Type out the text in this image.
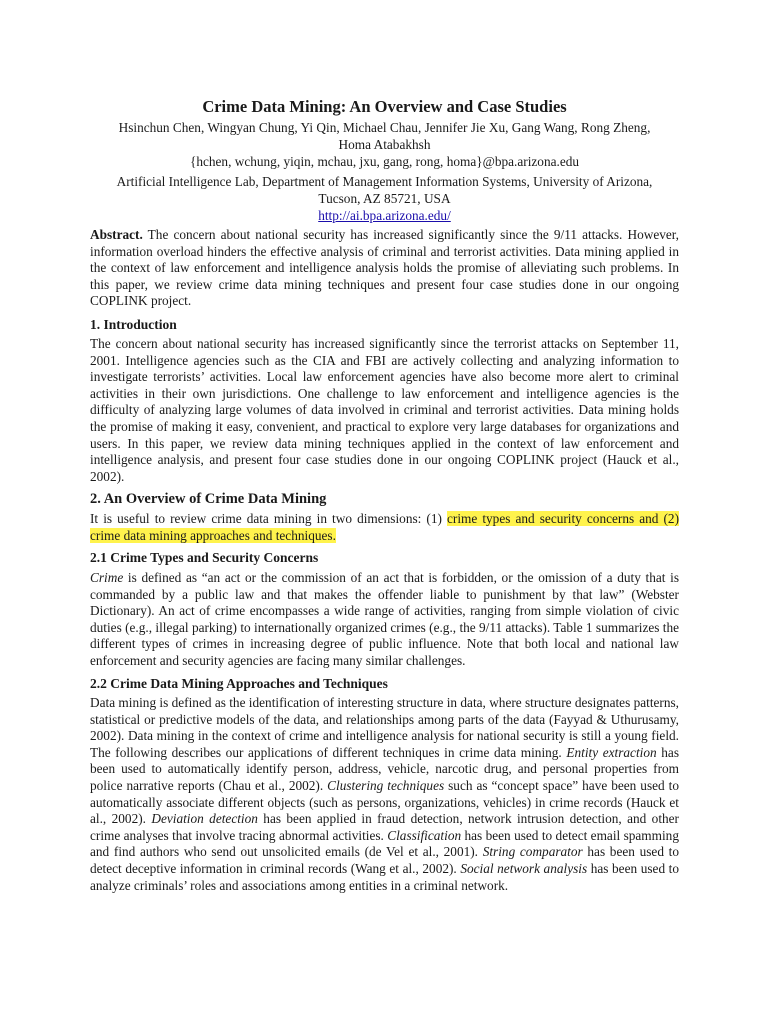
Crime Data Mining: An Overview and Case Studies
Hsinchun Chen, Wingyan Chung, Yi Qin, Michael Chau, Jennifer Jie Xu, Gang Wang, Rong Zheng,
Homa Atabakhsh
{hchen, wchung, yiqin, mchau, jxu, gang, rong, homa}@bpa.arizona.edu
Artificial Intelligence Lab, Department of Management Information Systems, University of Arizona,
Tucson, AZ 85721, USA
http://ai.bpa.arizona.edu/
Abstract. The concern about national security has increased significantly since the 9/11 attacks. However, information overload hinders the effective analysis of criminal and terrorist activities. Data mining applied in the context of law enforcement and intelligence analysis holds the promise of alleviating such problems. In this paper, we review crime data mining techniques and present four case studies done in our ongoing COPLINK project.
1. Introduction
The concern about national security has increased significantly since the terrorist attacks on September 11, 2001. Intelligence agencies such as the CIA and FBI are actively collecting and analyzing information to investigate terrorists’ activities. Local law enforcement agencies have also become more alert to criminal activities in their own jurisdictions. One challenge to law enforcement and intelligence agencies is the difficulty of analyzing large volumes of data involved in criminal and terrorist activities. Data mining holds the promise of making it easy, convenient, and practical to explore very large databases for organizations and users. In this paper, we review data mining techniques applied in the context of law enforcement and intelligence analysis, and present four case studies done in our ongoing COPLINK project (Hauck et al., 2002).
2. An Overview of Crime Data Mining
It is useful to review crime data mining in two dimensions: (1) crime types and security concerns and (2) crime data mining approaches and techniques.
2.1 Crime Types and Security Concerns
Crime is defined as “an act or the commission of an act that is forbidden, or the omission of a duty that is commanded by a public law and that makes the offender liable to punishment by that law” (Webster Dictionary). An act of crime encompasses a wide range of activities, ranging from simple violation of civic duties (e.g., illegal parking) to internationally organized crimes (e.g., the 9/11 attacks). Table 1 summarizes the different types of crimes in increasing degree of public influence. Note that both local and national law enforcement and security agencies are facing many similar challenges.
2.2 Crime Data Mining Approaches and Techniques
Data mining is defined as the identification of interesting structure in data, where structure designates patterns, statistical or predictive models of the data, and relationships among parts of the data (Fayyad & Uthurusamy, 2002). Data mining in the context of crime and intelligence analysis for national security is still a young field. The following describes our applications of different techniques in crime data mining. Entity extraction has been used to automatically identify person, address, vehicle, narcotic drug, and personal properties from police narrative reports (Chau et al., 2002). Clustering techniques such as “concept space” have been used to automatically associate different objects (such as persons, organizations, vehicles) in crime records (Hauck et al., 2002). Deviation detection has been applied in fraud detection, network intrusion detection, and other crime analyses that involve tracing abnormal activities. Classification has been used to detect email spamming and find authors who send out unsolicited emails (de Vel et al., 2001). String comparator has been used to detect deceptive information in criminal records (Wang et al., 2002). Social network analysis has been used to analyze criminals’ roles and associations among entities in a criminal network.
